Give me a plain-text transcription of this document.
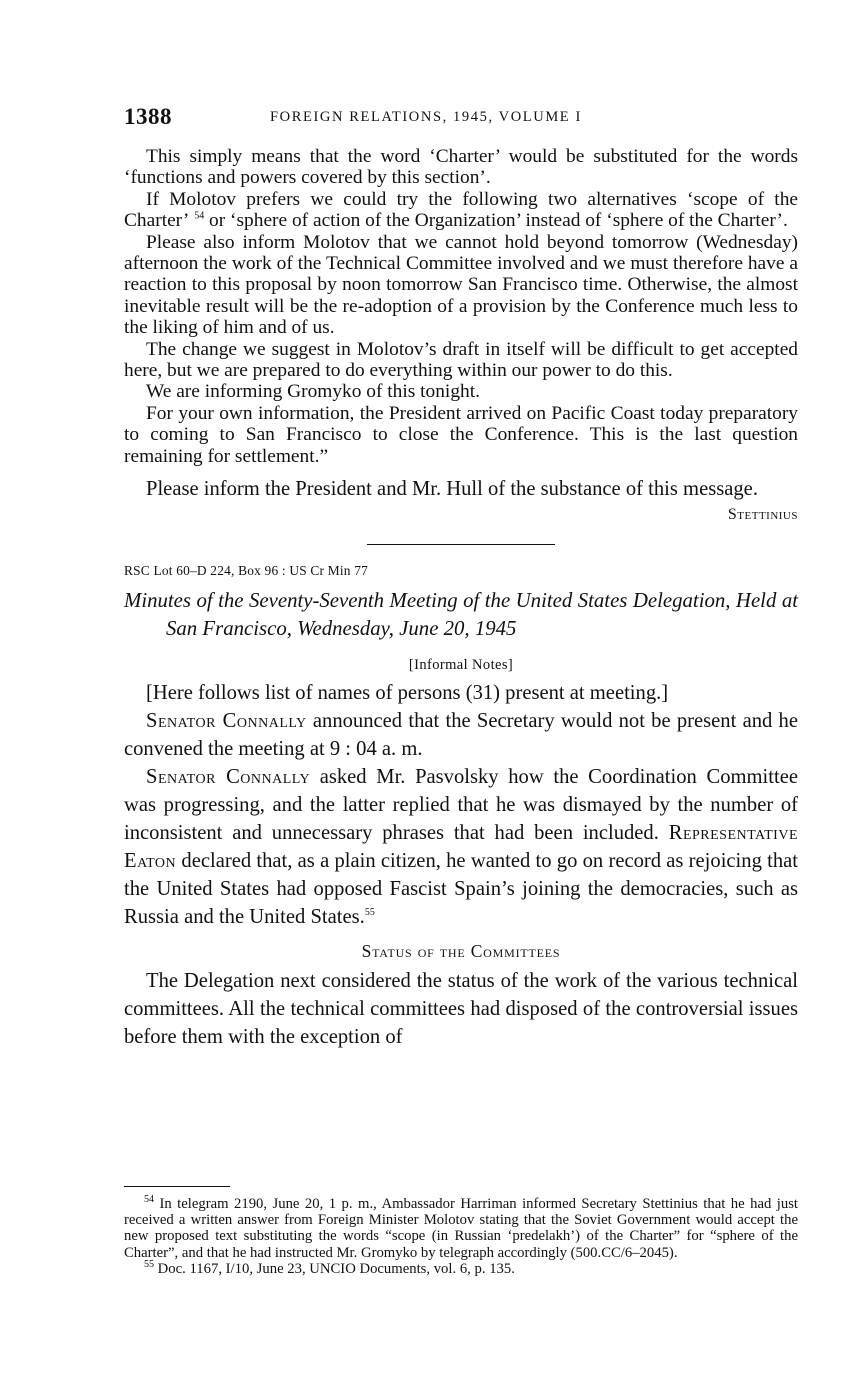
1388	FOREIGN RELATIONS, 1945, VOLUME I

This simply means that the word ‘Charter’ would be substituted for the words ‘functions and powers covered by this section’.

If Molotov prefers we could try the following two alternatives ‘scope of the Charter’ $^{54}$ or ‘sphere of action of the Organization’ instead of ‘sphere of the Charter’.

Please also inform Molotov that we cannot hold beyond tomorrow (Wednesday) afternoon the work of the Technical Committee involved and we must therefore have a reaction to this proposal by noon tomorrow San Francisco time. Otherwise, the almost inevitable result will be the re-adoption of a provision by the Conference much less to the liking of him and of us.

The change we suggest in Molotov’s draft in itself will be difficult to get accepted here, but we are prepared to do everything within our power to do this.

We are informing Gromyko of this tonight.

For your own information, the President arrived on Pacific Coast today preparatory to coming to San Francisco to close the Conference. This is the last question remaining for settlement.”

Please inform the President and Mr. Hull of the substance of this message.

Stettinius
RSC Lot 60–D 224, Box 96 : US Cr Min 77
Minutes of the Seventy-Seventh Meeting of the United States Delegation, Held at San Francisco, Wednesday, June 20, 1945
[Informal Notes]

[Here follows list of names of persons (31) present at meeting.]

Senator Connally announced that the Secretary would not be present and he convened the meeting at 9 : 04 a. m.

Senator Connally asked Mr. Pasvolsky how the Coordination Committee was progressing, and the latter replied that he was dismayed by the number of inconsistent and unnecessary phrases that had been included. Representative Eaton declared that, as a plain citizen, he wanted to go on record as rejoicing that the United States had opposed Fascist Spain’s joining the democracies, such as Russia and the United States.$^{55}$

Status of the Committees

The Delegation next considered the status of the work of the various technical committees. All the technical committees had disposed of the controversial issues before them with the exception of

$^{54}$ In telegram 2190, June 20, 1 p. m., Ambassador Harriman informed Secretary Stettinius that he had just received a written answer from Foreign Minister Molotov stating that the Soviet Government would accept the new proposed text substituting the words “scope (in Russian ‘predelakh’) of the Charter” for “sphere of the Charter”, and that he had instructed Mr. Gromyko by telegraph accordingly (500.CC/6–2045).

$^{55}$ Doc. 1167, I/10, June 23, UNCIO Documents, vol. 6, p. 135.
